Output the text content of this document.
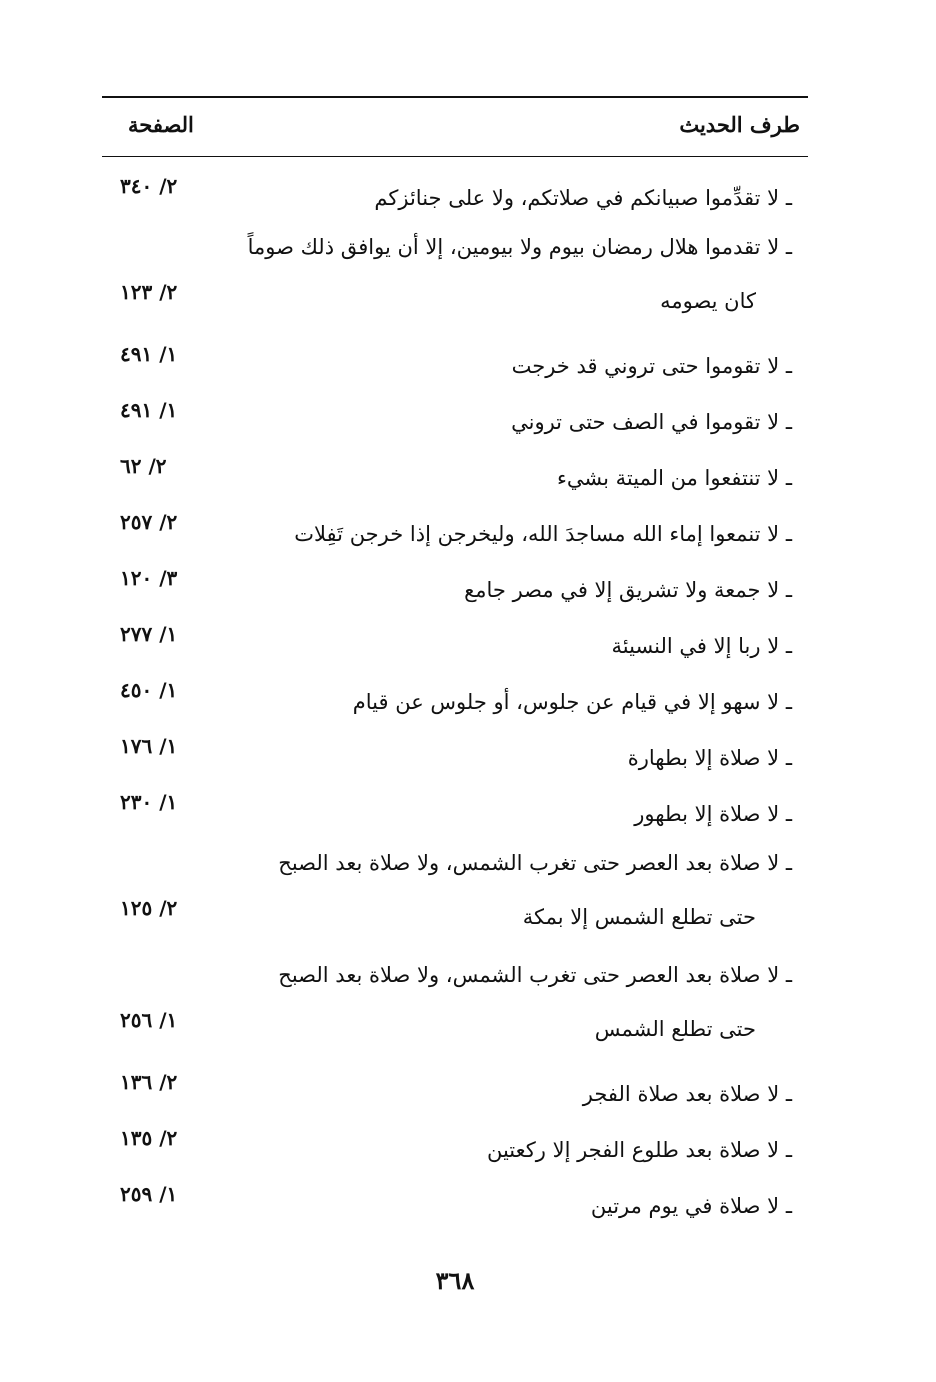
طرف الحديث
الصفحة
ـ لا تقدِّموا صبيانكم في صلاتكم، ولا على جنائزكم
٢/ ٣٤٠
ـ لا تقدموا هلال رمضان بيوم ولا بيومين، إلا أن يوافق ذلك صوماً
كان يصومه
٢/ ١٢٣
ـ لا تقوموا حتى تروني قد خرجت
١/ ٤٩١
ـ لا تقوموا في الصف حتى تروني
١/ ٤٩١
ـ لا تنتفعوا من الميتة بشيء
٢/ ٦٢
ـ لا تنمعوا إماء الله مساجدَ الله، وليخرجن إذا خرجن تَفِلات
٢/ ٢٥٧
ـ لا جمعة ولا تشريق إلا في مصر جامع
٣/ ١٢٠
ـ لا ربا إلا في النسيئة
١/ ٢٧٧
ـ لا سهو إلا في قيام عن جلوس، أو جلوس عن قيام
١/ ٤٥٠
ـ لا صلاة إلا بطهارة
١/ ١٧٦
ـ لا صلاة إلا بطهور
١/ ٢٣٠
ـ لا صلاة بعد العصر حتى تغرب الشمس، ولا صلاة بعد الصبح
حتى تطلع الشمس إلا بمكة
٢/ ١٢٥
ـ لا صلاة بعد العصر حتى تغرب الشمس، ولا صلاة بعد الصبح
حتى تطلع الشمس
١/ ٢٥٦
ـ لا صلاة بعد صلاة الفجر
٢/ ١٣٦
ـ لا صلاة بعد طلوع الفجر إلا ركعتين
٢/ ١٣٥
ـ لا صلاة في يوم مرتين
١/ ٢٥٩
٣٦٨
